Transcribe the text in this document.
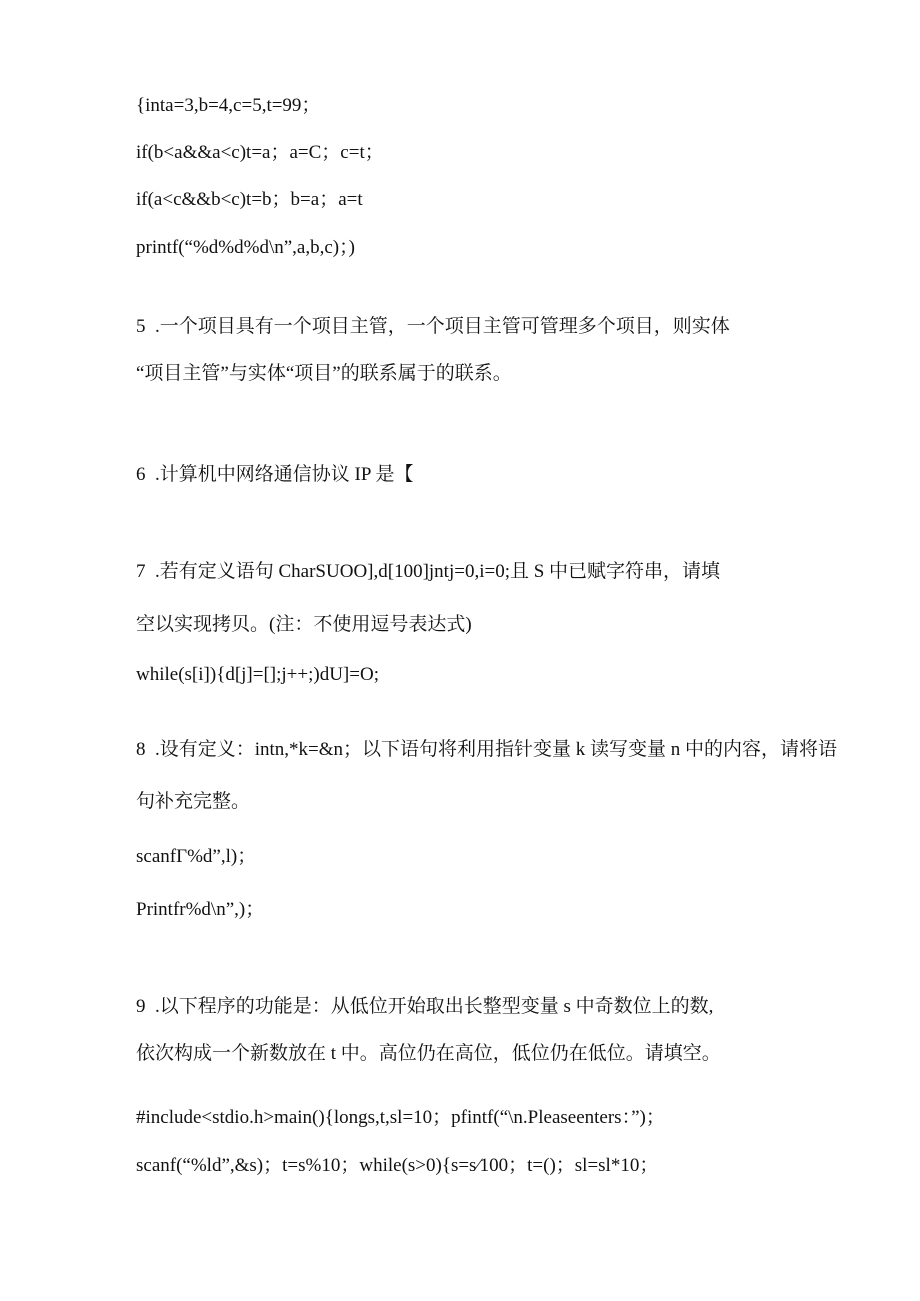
{inta=3,b=4,c=5,t=99；
if(b<a&&a<c)t=a；a=C；c=t；
if(a<c&&b<c)t=b；b=a；a=t
printf(“%d%d%d\n”,a,b,c)；)
5  .一个项目具有一个项目主管，一个项目主管可管理多个项目，则实体
“项目主管”与实体“项目”的联系属于的联系。
6  .计算机中网络通信协议 IP 是【
7  .若有定义语句 CharSUOO],d[100]jntj=0,i=0;且 S 中已赋字符串，请填
空以实现拷贝。(注：不使用逗号表达式)
while(s[i]){d[j]=[];j++;)dU]=O;
8  .设有定义：intn,*k=&n；以下语句将利用指针变量 k 读写变量 n 中的内容，请将语
句补充完整。
scanfΓ%d”,l)；
Printfr%d\n”,)；
9  .以下程序的功能是：从低位开始取出长整型变量 s 中奇数位上的数,
依次构成一个新数放在 t 中。高位仍在高位，低位仍在低位。请填空。
#include<stdio.h>main(){longs,t,sl=10；pfintf(“\n.Pleaseenters：”)；
scanf(“%ld”,&s)；t=s%10；while(s>0){s=s∕100；t=()；sl=sl*10；
